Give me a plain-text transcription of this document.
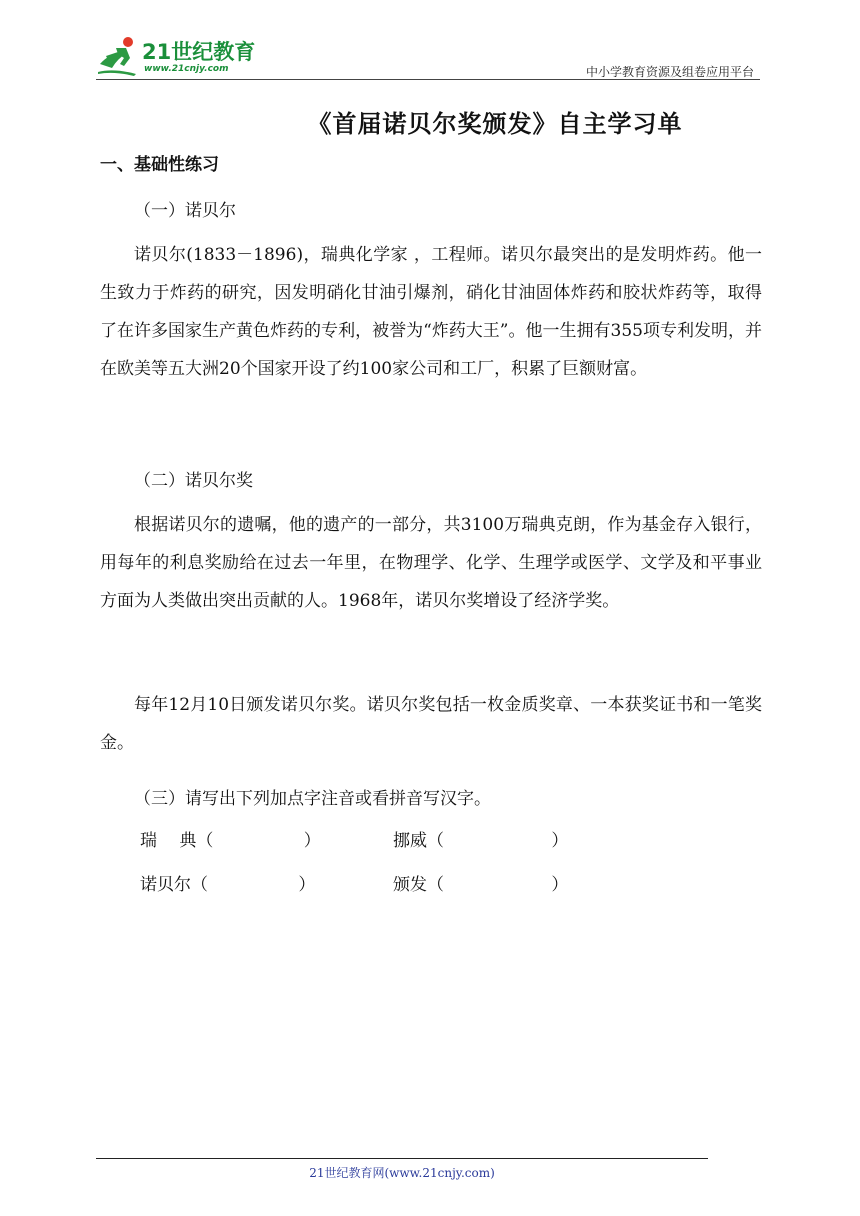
21世纪教育
www.21cnjy.com	中小学教育资源及组卷应用平台
《首届诺贝尔奖颁发》自主学习单
一、基础性练习
（一）诺贝尔

诺贝尔(1833－1896)，瑞典化学家 ，工程师。诺贝尔最突出的是发明炸药。他一生致力于炸药的研究，因发明硝化甘油引爆剂，硝化甘油固体炸药和胶状炸药等，取得了在许多国家生产黄色炸药的专利，被誉为“炸药大王”。他一生拥有355项专利发明，并在欧美等五大洲20个国家开设了约100家公司和工厂，积累了巨额财富。

（二）诺贝尔奖

根据诺贝尔的遗嘱，他的遗产的一部分，共3100万瑞典克朗，作为基金存入银行，用每年的利息奖励给在过去一年里，在物理学、化学、生理学或医学、文学及和平事业方面为人类做出突出贡献的人。1968年，诺贝尔奖增设了经济学奖。

每年12月10日颁发诺贝尔奖。诺贝尔奖包括一枚金质奖章、一本获奖证书和一笔奖金。

（三）请写出下列加点字注音或看拼音写汉字。
瑞　 典（　　　　　 ）	挪威（　　　　　　 ）
诺贝尔（　　　　　 ）	颁发（　　　　　　 ）
21世纪教育网(www.21cnjy.com)
